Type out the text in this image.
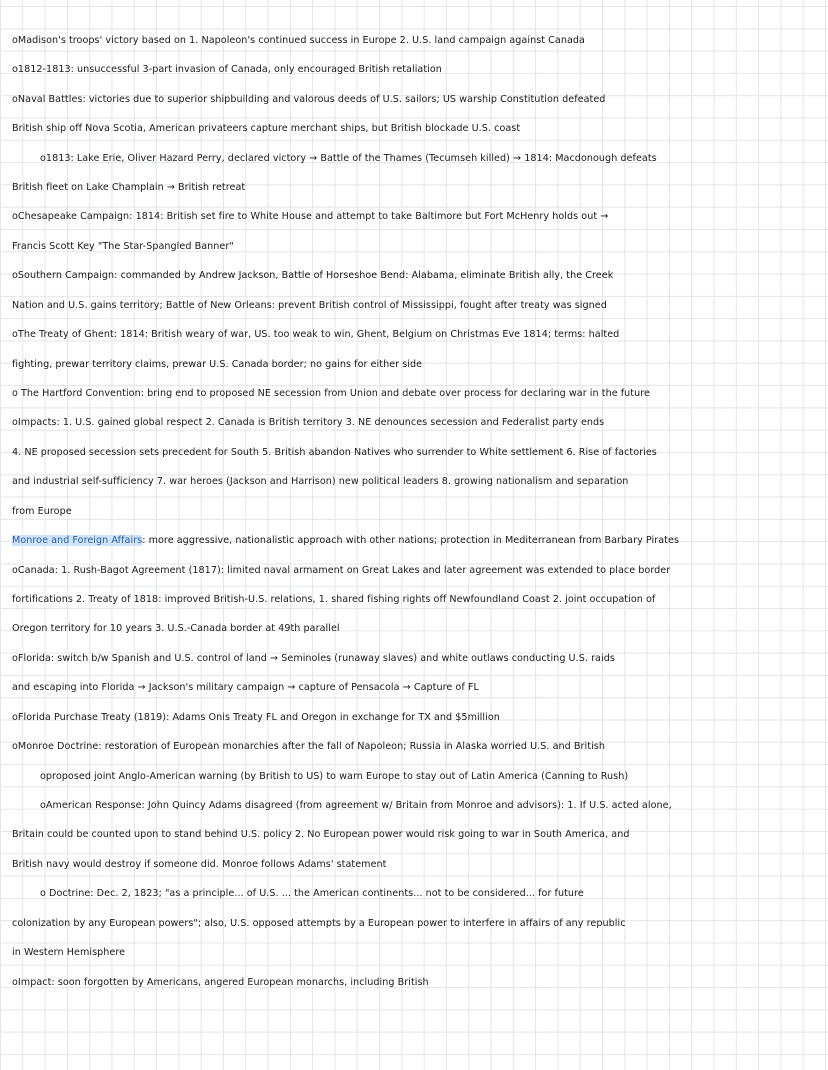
oMadison's troops' victory based on 1. Napoleon's continued success in Europe 2. U.S. land campaign against Canada
o1812-1813: unsuccessful 3-part invasion of Canada, only encouraged British retaliation
oNaval Battles: victories due to superior shipbuilding and valorous deeds of U.S. sailors; US warship Constitution defeated
British ship off Nova Scotia, American privateers capture merchant ships, but British blockade U.S. coast
o1813: Lake Erie, Oliver Hazard Perry, declared victory → Battle of the Thames (Tecumseh killed) → 1814: Macdonough defeats
British fleet on Lake Champlain → British retreat
oChesapeake Campaign: 1814: British set fire to White House and attempt to take Baltimore but Fort McHenry holds out →
Francis Scott Key "The Star-Spangled Banner"
oSouthern Campaign: commanded by Andrew Jackson, Battle of Horseshoe Bend: Alabama, eliminate British ally, the Creek
Nation and U.S. gains territory; Battle of New Orleans: prevent British control of Mississippi, fought after treaty was signed
oThe Treaty of Ghent: 1814: British weary of war, US. too weak to win, Ghent, Belgium on Christmas Eve 1814; terms: halted
fighting, prewar territory claims, prewar U.S. Canada border; no gains for either side
o The Hartford Convention: bring end to proposed NE secession from Union and debate over process for declaring war in the future
oImpacts: 1. U.S. gained global respect 2. Canada is British territory 3. NE denounces secession and Federalist party ends
4. NE proposed secession sets precedent for South 5. British abandon Natives who surrender to White settlement 6. Rise of factories
and industrial self-sufficiency 7. war heroes (Jackson and Harrison) new political leaders 8. growing nationalism and separation
from Europe
Monroe and Foreign Affairs: more aggressive, nationalistic approach with other nations; protection in Mediterranean from Barbary Pirates
oCanada: 1. Rush-Bagot Agreement (1817): limited naval armament on Great Lakes and later agreement was extended to place border
fortifications 2. Treaty of 1818: improved British-U.S. relations, 1. shared fishing rights off Newfoundland Coast 2. joint occupation of
Oregon territory for 10 years 3. U.S.-Canada border at 49th parallel
oFlorida: switch b/w Spanish and U.S. control of land → Seminoles (runaway slaves) and white outlaws conducting U.S. raids
and escaping into Florida → Jackson's military campaign → capture of Pensacola → Capture of FL
oFlorida Purchase Treaty (1819): Adams Onis Treaty FL and Oregon in exchange for TX and $5million
oMonroe Doctrine: restoration of European monarchies after the fall of Napoleon; Russia in Alaska worried U.S. and British
oproposed joint Anglo-American warning (by British to US) to warn Europe to stay out of Latin America (Canning to Rush)
oAmerican Response: John Quincy Adams disagreed (from agreement w/ Britain from Monroe and advisors): 1. If U.S. acted alone,
Britain could be counted upon to stand behind U.S. policy 2. No European power would risk going to war in South America, and
British navy would destroy if someone did. Monroe follows Adams' statement
o Doctrine: Dec. 2, 1823; "as a principle... of U.S. ... the American continents... not to be considered... for future
colonization by any European powers"; also, U.S. opposed attempts by a European power to interfere in affairs of any republic
in Western Hemisphere
oImpact: soon forgotten by Americans, angered European monarchs, including British
